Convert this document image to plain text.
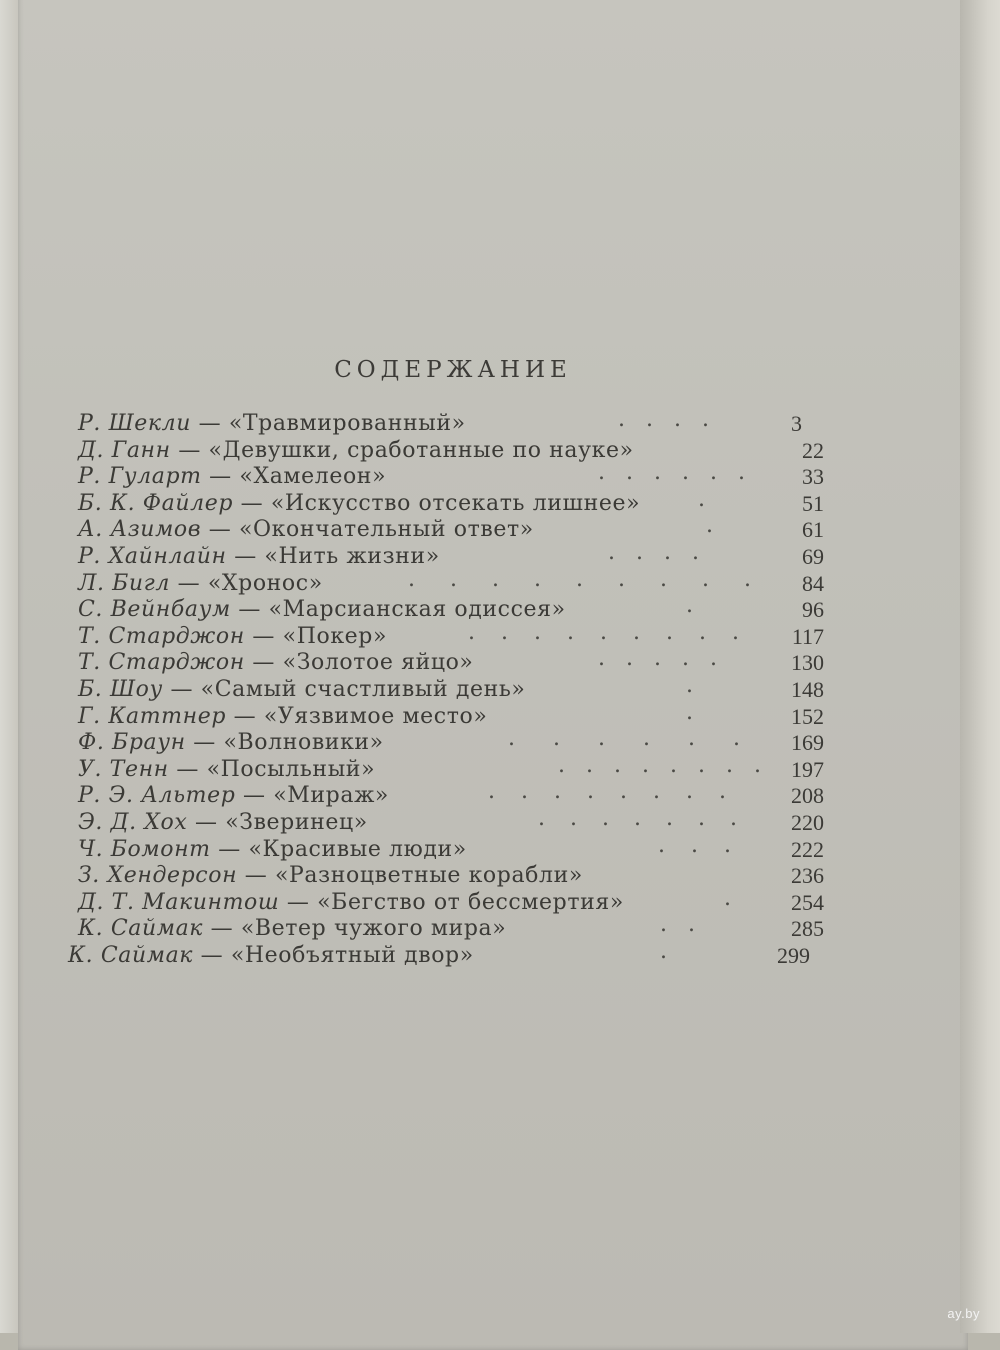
СОДЕРЖАНИЕ
Р. Шекли — «Травмированный»	. . . .	3
Д. Ганн — «Девушки, сработанные по науке»	22
Р. Гуларт — «Хамелеон»	. . . . . .	33
Б. К. Файлер — «Искусство отсекать лишнее»	.	51
А. Азимов — «Окончательный ответ»	.	61
Р. Хайнлайн — «Нить жизни»	. . . .	69
Л. Бигл — «Хронос»	. . . . . . . . . 84
С. Вейнбаум — «Марсианская одиссея»	.	96
Т. Старджон — «Покер»	. . . . . . . . . 117
Т. Старджон — «Золотое яйцо»	. . . . .	130
Б. Шоу — «Самый счастливый день»	.	148
Г. Каттнер — «Уязвимое место»	.	152
Ф. Браун — «Волновики»	. . . . . . 169
У. Тенн — «Посыльный»	. . . . . . . . 197
Р. Э. Альтер — «Мираж»	. . . . . . . .	208
Э. Д. Хох — «Зверинец»	. . . . . . . 220
Ч. Бомонт — «Красивые люди»	. . .	222
З. Хендерсон — «Разноцветные корабли»	236
Д. Т. Макинтош — «Бегство от бессмертия»	.	254
К. Саймак — «Ветер чужого мира»	. .	285
К. Саймак — «Необъятный двор»	.	299
ay.by
